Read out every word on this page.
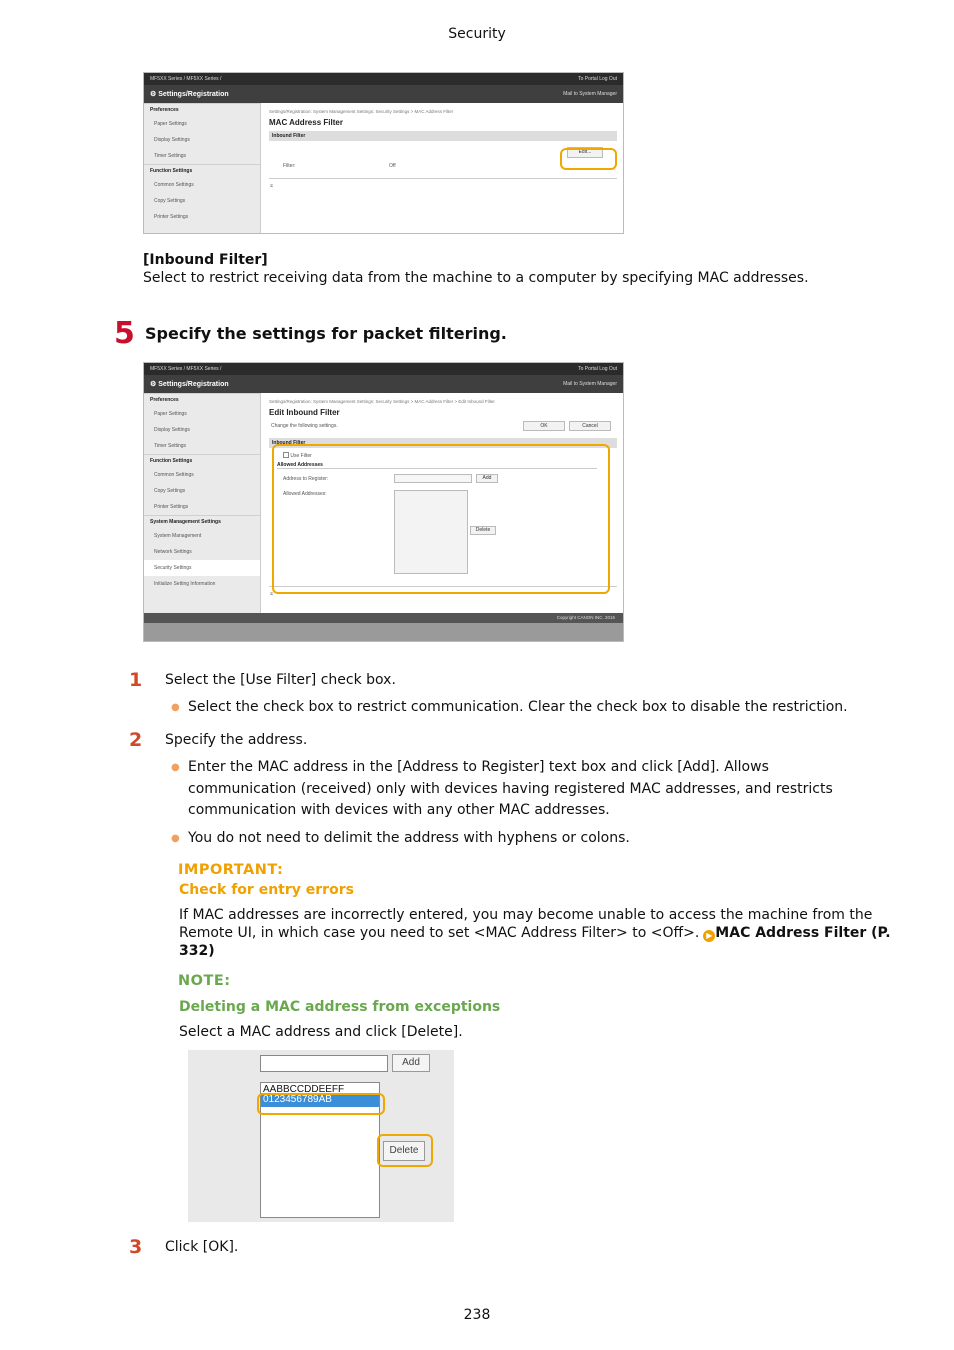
Security
MF5XX Series / MF5XX Series /	To Portal Log Out
⚙ Settings/Registration	Mail to System Manager
Preferences
Paper Settings
Display Settings
Timer Settings
Function Settings
Common Settings
Copy Settings
Printer Settings
Settings/Registration: System Management Settings: Security Settings > MAC Address Filter
MAC Address Filter
Inbound Filter
Edit...
Filter:	Off
⌅
[Inbound Filter]
Select to restrict receiving data from the machine to a computer by specifying MAC addresses.
5 Specify the settings for packet filtering.
MF5XX Series / MF5XX Series /	To Portal Log Out
⚙ Settings/Registration	Mail to System Manager
Preferences
Paper Settings
Display Settings
Timer Settings
Function Settings
Common Settings
Copy Settings
Printer Settings
System Management Settings
System Management
Network Settings
Security Settings
Initialize Setting Information
Settings/Registration: System Management Settings: Security Settings > MAC Address Filter > Edit Inbound Filter
Edit Inbound Filter
Change the following settings.	OK	Cancel
Inbound Filter
Use Filter
Allowed Addresses
Address to Register:	Add
Allowed Addresses:
Delete
⌅
Copyright CANON INC. 2016
1 Select the [Use Filter] check box.
● Select the check box to restrict communication. Clear the check box to disable the restriction.
2 Specify the address.
● Enter the MAC address in the [Address to Register] text box and click [Add]. Allows communication (received) only with devices having registered MAC addresses, and restricts communication with devices with any other MAC addresses.
● You do not need to delimit the address with hyphens or colons.
IMPORTANT:
Check for entry errors
If MAC addresses are incorrectly entered, you may become unable to access the machine from the Remote UI, in which case you need to set <MAC Address Filter> to <Off>. ▶ MAC Address Filter (P. 332)
NOTE:
Deleting a MAC address from exceptions
Select a MAC address and click [Delete].
Add
AABBCCDDEEFF
0123456789AB
Delete
3 Click [OK].
238
